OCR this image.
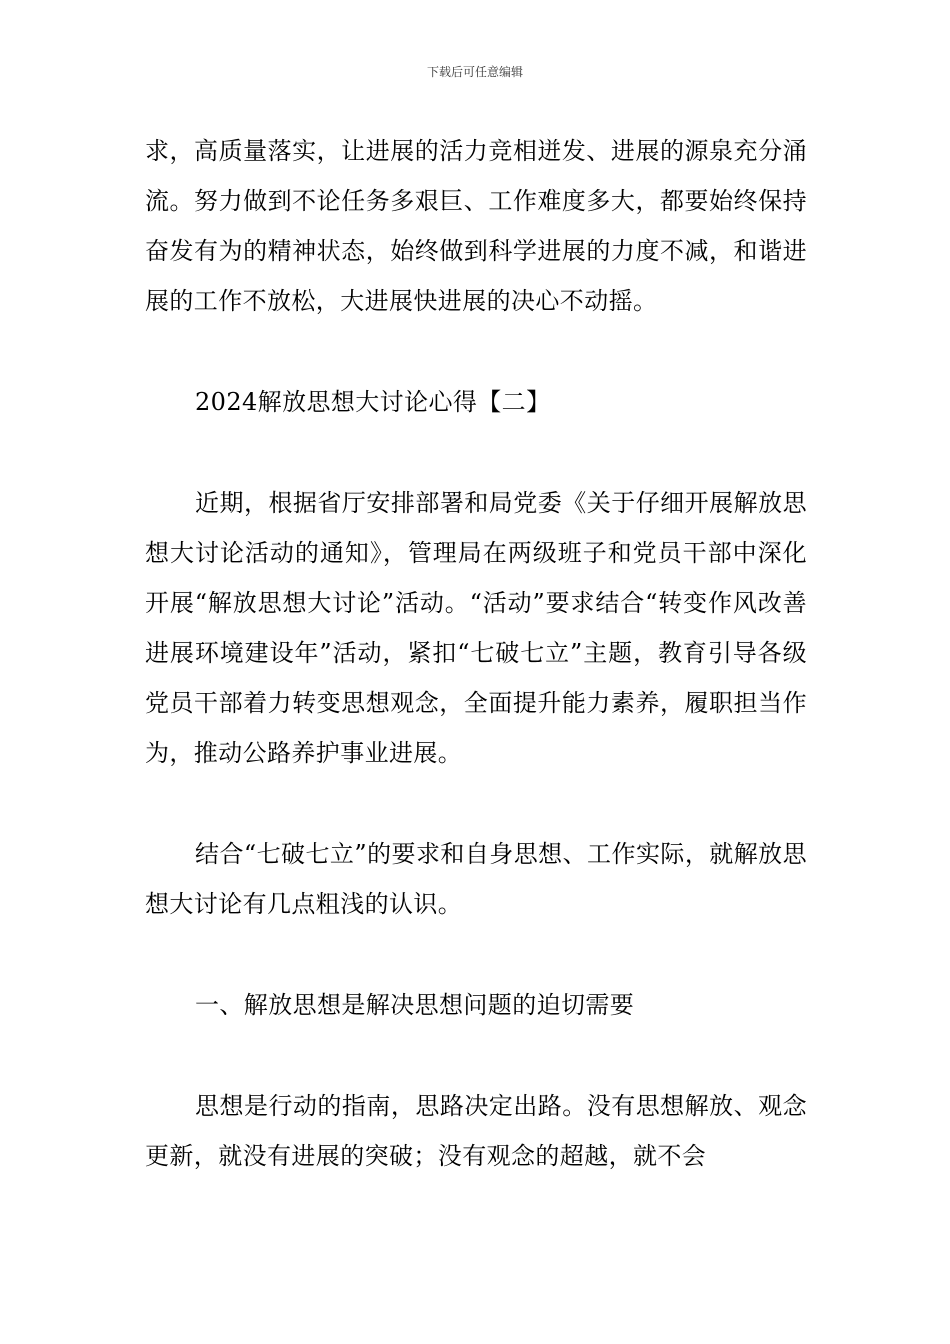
下载后可任意编辑

求，高质量落实，让进展的活力竞相迸发、进展的源泉充分涌流。努力做到不论任务多艰巨、工作难度多大，都要始终保持奋发有为的精神状态，始终做到科学进展的力度不减，和谐进展的工作不放松，大进展快进展的决心不动摇。

2024解放思想大讨论心得【二】

近期，根据省厅安排部署和局党委《关于仔细开展解放思想大讨论活动的通知》，管理局在两级班子和党员干部中深化开展“解放思想大讨论”活动。“活动”要求结合“转变作风改善进展环境建设年”活动，紧扣“七破七立”主题，教育引导各级党员干部着力转变思想观念，全面提升能力素养，履职担当作为，推动公路养护事业进展。

结合“七破七立”的要求和自身思想、工作实际，就解放思想大讨论有几点粗浅的认识。

一、解放思想是解决思想问题的迫切需要

思想是行动的指南，思路决定出路。没有思想解放、观念更新，就没有进展的突破；没有观念的超越，就不会
